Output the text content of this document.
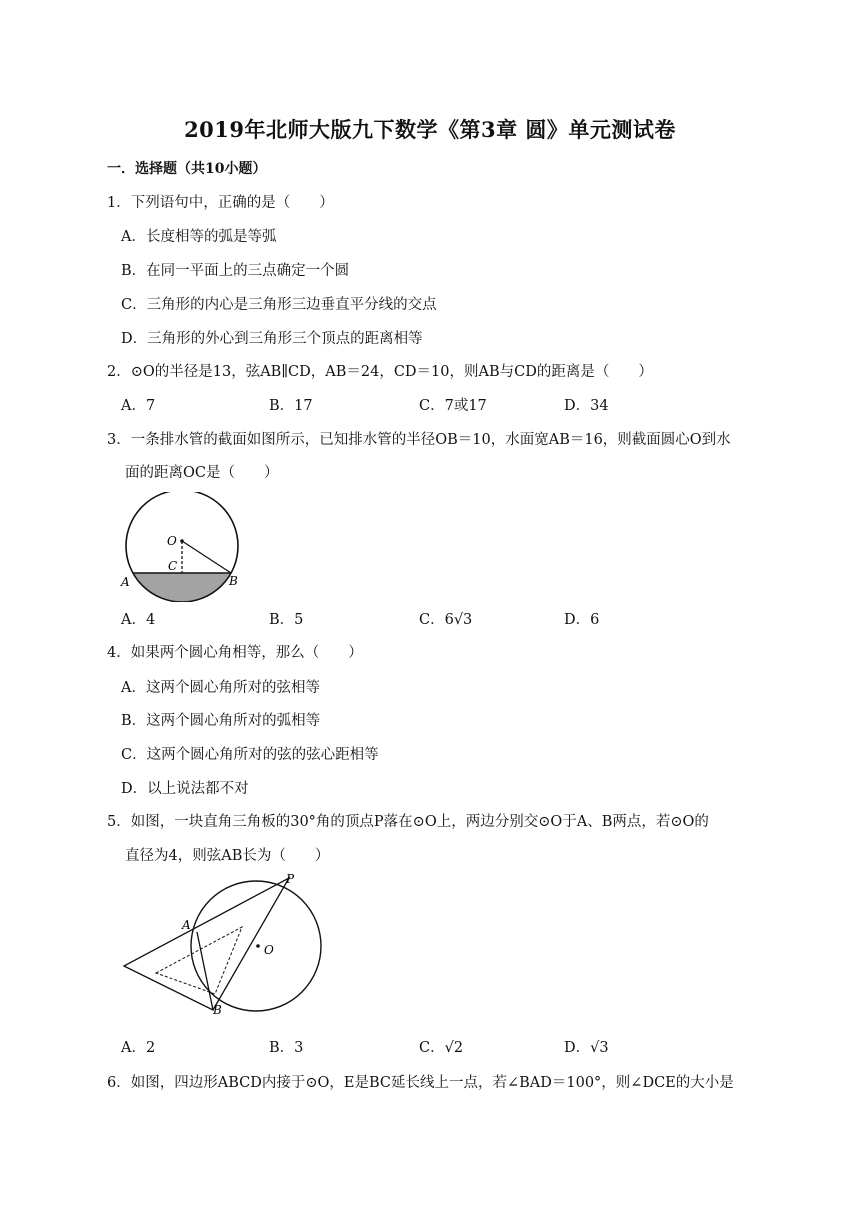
2019年北师大版九下数学《第3章 圆》单元测试卷
一．选择题（共10小题）
1．下列语句中，正确的是（　　）
A．长度相等的弧是等弧
B．在同一平面上的三点确定一个圆
C．三角形的内心是三角形三边垂直平分线的交点
D．三角形的外心到三角形三个顶点的距离相等
2．⊙O的半径是13，弦AB∥CD，AB＝24，CD＝10，则AB与CD的距离是（　　）
A．7	B．17	C．7或17	D．34
3．一条排水管的截面如图所示，已知排水管的半径OB＝10，水面宽AB＝16，则截面圆心O到水
面的距离OC是（　　）
O
C
A	B
A．4	B．5	C．6√3	D．6
4．如果两个圆心角相等，那么（　　）
A．这两个圆心角所对的弦相等
B．这两个圆心角所对的弧相等
C．这两个圆心角所对的弦的弦心距相等
D．以上说法都不对
5．如图，一块直角三角板的30°角的顶点P落在⊙O上，两边分别交⊙O于A、B两点，若⊙O的
直径为4，则弦AB长为（　　）
P
A
O
B
A．2	B．3	C．√2	D．√3
6．如图，四边形ABCD内接于⊙O，E是BC延长线上一点，若∠BAD＝100°，则∠DCE的大小是
